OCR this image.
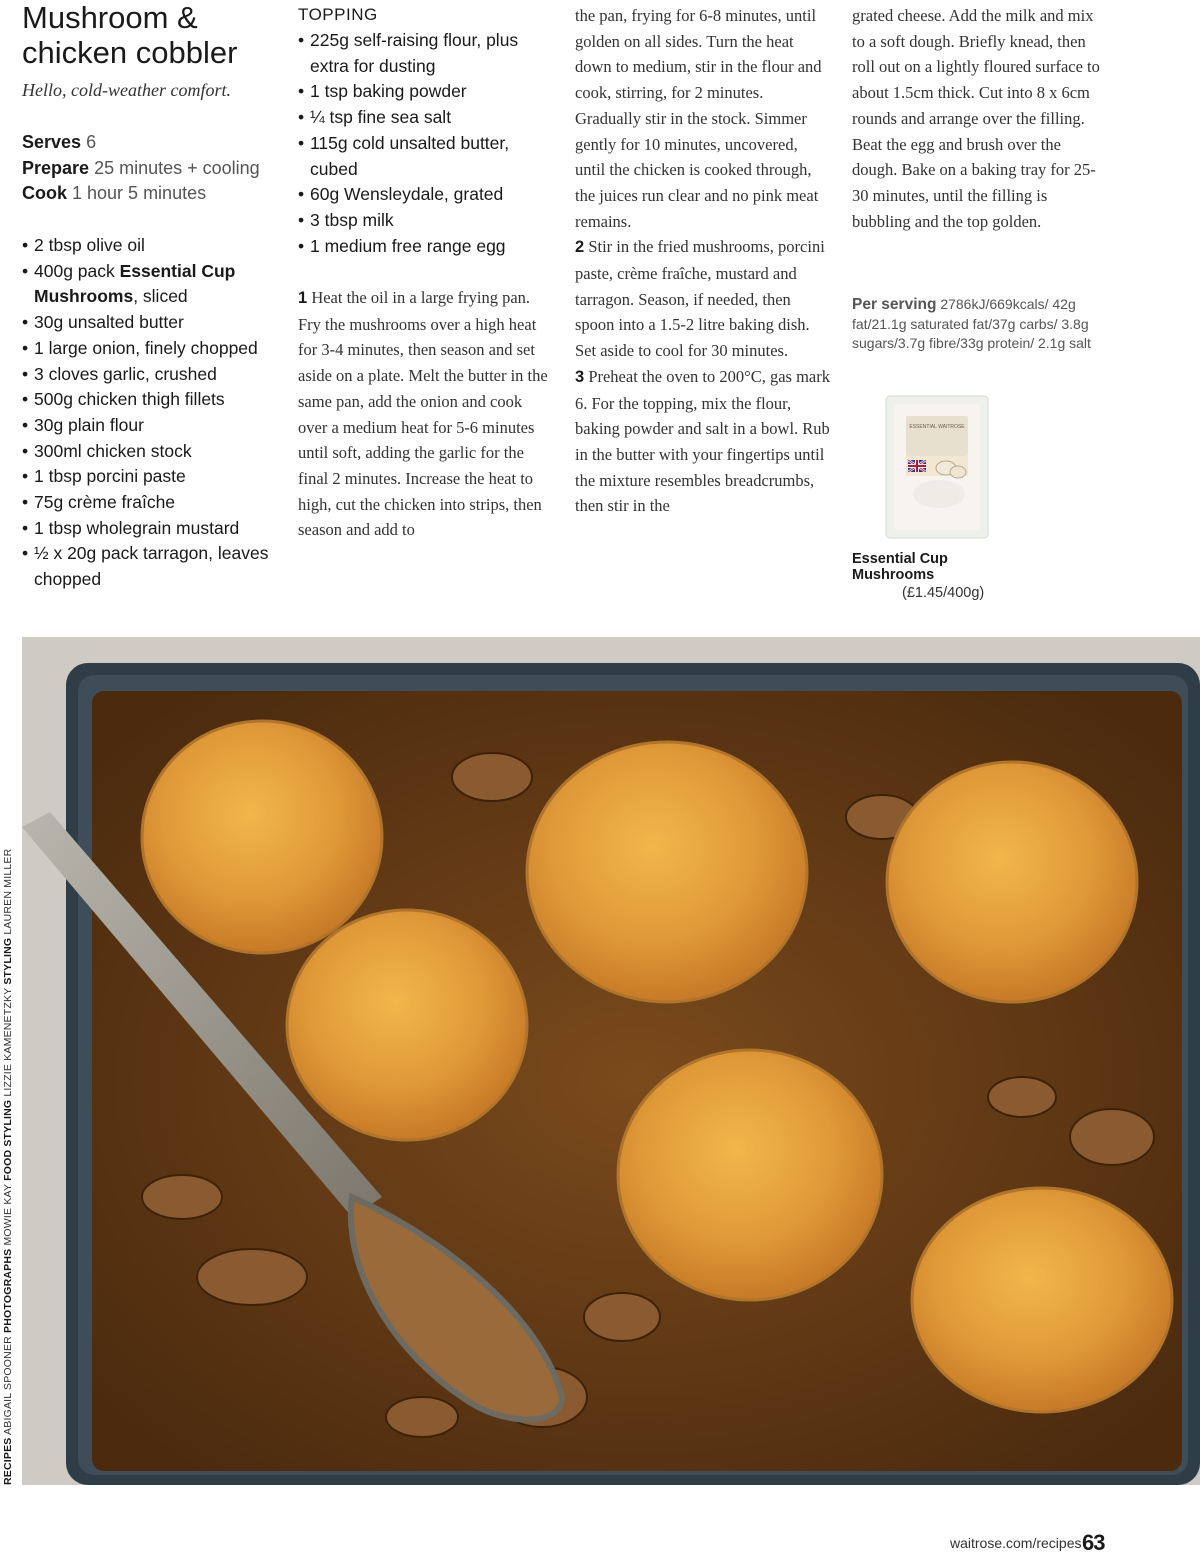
Mushroom &
chicken cobbler
Hello, cold-weather comfort.
Serves 6
Prepare 25 minutes + cooling
Cook 1 hour 5 minutes
• 2 tbsp olive oil
• 400g pack Essential Cup Mushrooms, sliced
• 30g unsalted butter
• 1 large onion, finely chopped
• 3 cloves garlic, crushed
• 500g chicken thigh fillets
• 30g plain flour
• 300ml chicken stock
• 1 tbsp porcini paste
• 75g crème fraîche
• 1 tbsp wholegrain mustard
• ½ x 20g pack tarragon, leaves chopped
TOPPING
• 225g self-raising flour, plus extra for dusting
• 1 tsp baking powder
• ¼ tsp fine sea salt
• 115g cold unsalted butter, cubed
• 60g Wensleydale, grated
• 3 tbsp milk
• 1 medium free range egg

1 Heat the oil in a large frying pan. Fry the mushrooms over a high heat for 3-4 minutes, then season and set aside on a plate. Melt the butter in the same pan, add the onion and cook over a medium heat for 5-6 minutes until soft, adding the garlic for the final 2 minutes. Increase the heat to high, cut the chicken into strips, then season and add to

the pan, frying for 6-8 minutes, until golden on all sides. Turn the heat down to medium, stir in the flour and cook, stirring, for 2 minutes. Gradually stir in the stock. Simmer gently for 10 minutes, uncovered, until the chicken is cooked through, the juices run clear and no pink meat remains.

2 Stir in the fried mushrooms, porcini paste, crème fraîche, mustard and tarragon. Season, if needed, then spoon into a 1.5-2 litre baking dish. Set aside to cool for 30 minutes.

3 Preheat the oven to 200°C, gas mark 6. For the topping, mix the flour, baking powder and salt in a bowl. Rub in the butter with your fingertips until the mixture resembles breadcrumbs, then stir in the

grated cheese. Add the milk and mix to a soft dough. Briefly knead, then roll out on a lightly floured surface to about 1.5cm thick. Cut into 8 x 6cm rounds and arrange over the filling. Beat the egg and brush over the dough. Bake on a baking tray for 25-30 minutes, until the filling is bubbling and the top golden.

Per serving 2786kJ/669kcals/ 42g fat/21.1g saturated fat/37g carbs/ 3.8g sugars/3.7g fibre/33g protein/ 2.1g salt
ESSENTIAL WAITROSE
Essential Cup Mushrooms
(£1.45/400g)
RECIPES ABIGAIL SPOONER PHOTOGRAPHS MOWIE KAY FOOD STYLING LIZZIE KAMENETZKY STYLING LAUREN MILLER
waitrose.com/recipes 63
